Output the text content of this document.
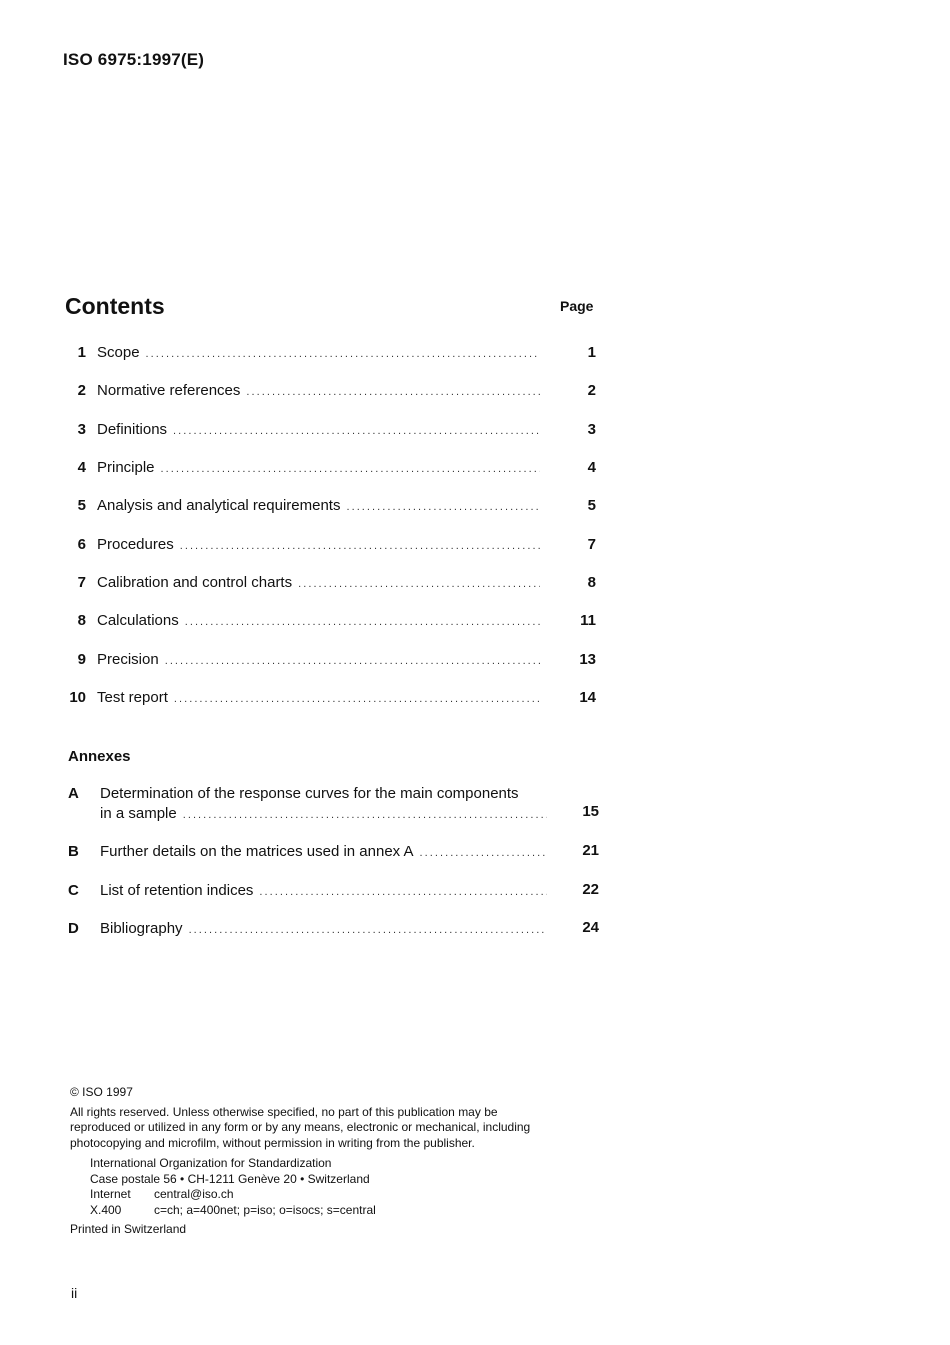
ISO 6975:1997(E)
Contents	Page
1 Scope . . .	1
2 Normative references . . .	2
3 Definitions . . .	3
4 Principle . . .	4
5 Analysis and analytical requirements . . .	5
6 Procedures . . .	7
7 Calibration and control charts . . .	8
8 Calculations . . .	11
9 Precision . . .	13
10 Test report . . .	14
Annexes
A Determination of the response curves for the main components
in a sample . . .	15
B Further details on the matrices used in annex A . . .	21
C List of retention indices . . .	22
D Bibliography . . .	24
© ISO 1997
All rights reserved. Unless otherwise specified, no part of this publication may be
reproduced or utilized in any form or by any means, electronic or mechanical, including
photocopying and microfilm, without permission in writing from the publisher.
International Organization for Standardization
Case postale 56 • CH-1211 Genève 20 • Switzerland
Internet	central@iso.ch
X.400	c=ch; a=400net; p=iso; o=isocs; s=central
Printed in Switzerland
ii
